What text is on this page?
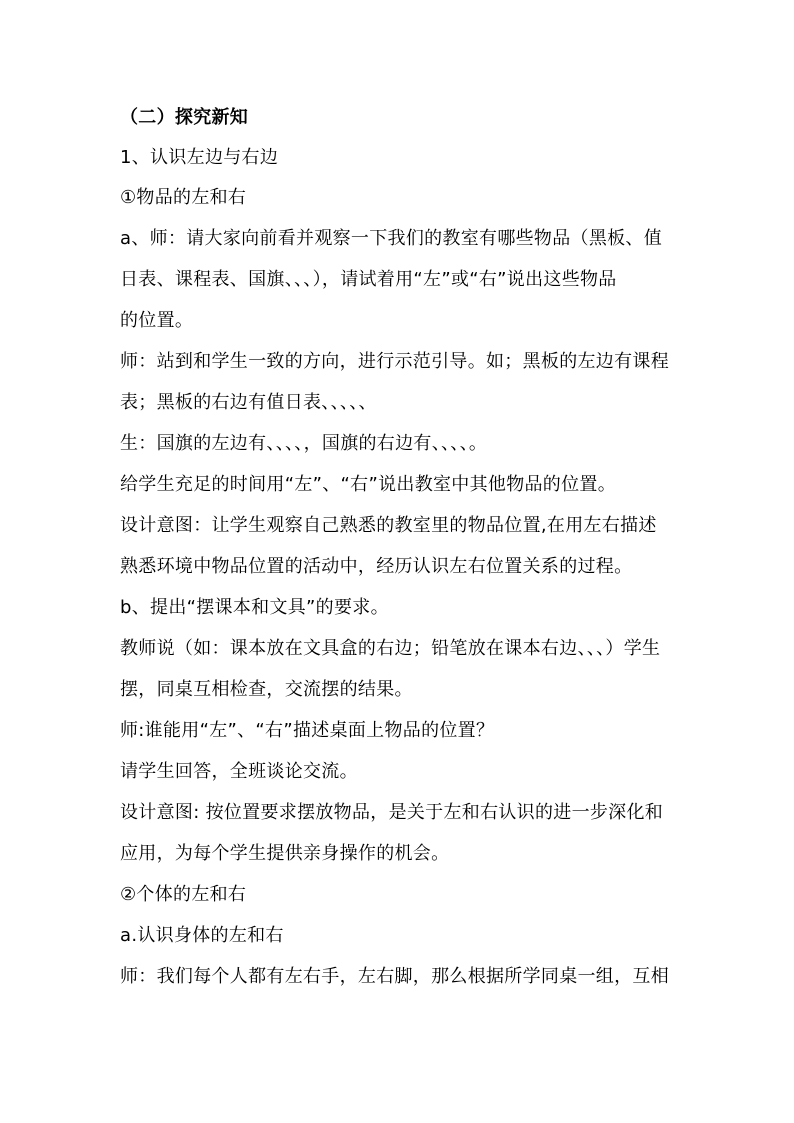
（二）探究新知
1、认识左边与右边
①物品的左和右
a、师：请大家向前看并观察一下我们的教室有哪些物品（黑板、值
日表、课程表、国旗、、、），请试着用“左”或“右”说出这些物品
的位置。
师：站到和学生一致的方向，进行示范引导。如；黑板的左边有课程
表；黑板的右边有值日表、、、、、
生：国旗的左边有、、、、，国旗的右边有、、、、。
给学生充足的时间用“左”、“右”说出教室中其他物品的位置。
设计意图：让学生观察自己熟悉的教室里的物品位置,在用左右描述
熟悉环境中物品位置的活动中，经历认识左右位置关系的过程。
b、提出“摆课本和文具”的要求。
教师说（如：课本放在文具盒的右边；铅笔放在课本右边、、、）学生
摆，同桌互相检查，交流摆的结果。
师:谁能用“左”、“右”描述桌面上物品的位置？
请学生回答，全班谈论交流。
设计意图: 按位置要求摆放物品，是关于左和右认识的进一步深化和
应用，为每个学生提供亲身操作的机会。
②个体的左和右
a.认识身体的左和右
师：我们每个人都有左右手，左右脚，那么根据所学同桌一组，互相
